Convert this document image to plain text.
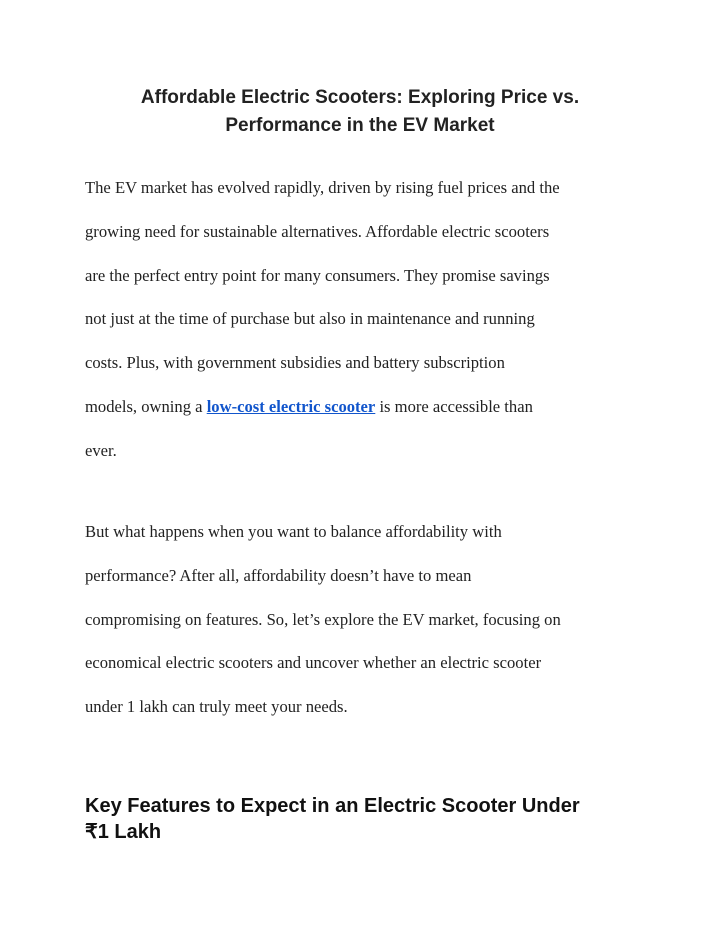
Affordable Electric Scooters: Exploring Price vs.
Performance in the EV Market

The EV market has evolved rapidly, driven by rising fuel prices and the
growing need for sustainable alternatives. Affordable electric scooters
are the perfect entry point for many consumers. They promise savings
not just at the time of purchase but also in maintenance and running
costs. Plus, with government subsidies and battery subscription
models, owning a low-cost electric scooter is more accessible than
ever.

But what happens when you want to balance affordability with
performance? After all, affordability doesn’t have to mean
compromising on features. So, let’s explore the EV market, focusing on
economical electric scooters and uncover whether an electric scooter
under 1 lakh can truly meet your needs.

Key Features to Expect in an Electric Scooter Under
₹1 Lakh
